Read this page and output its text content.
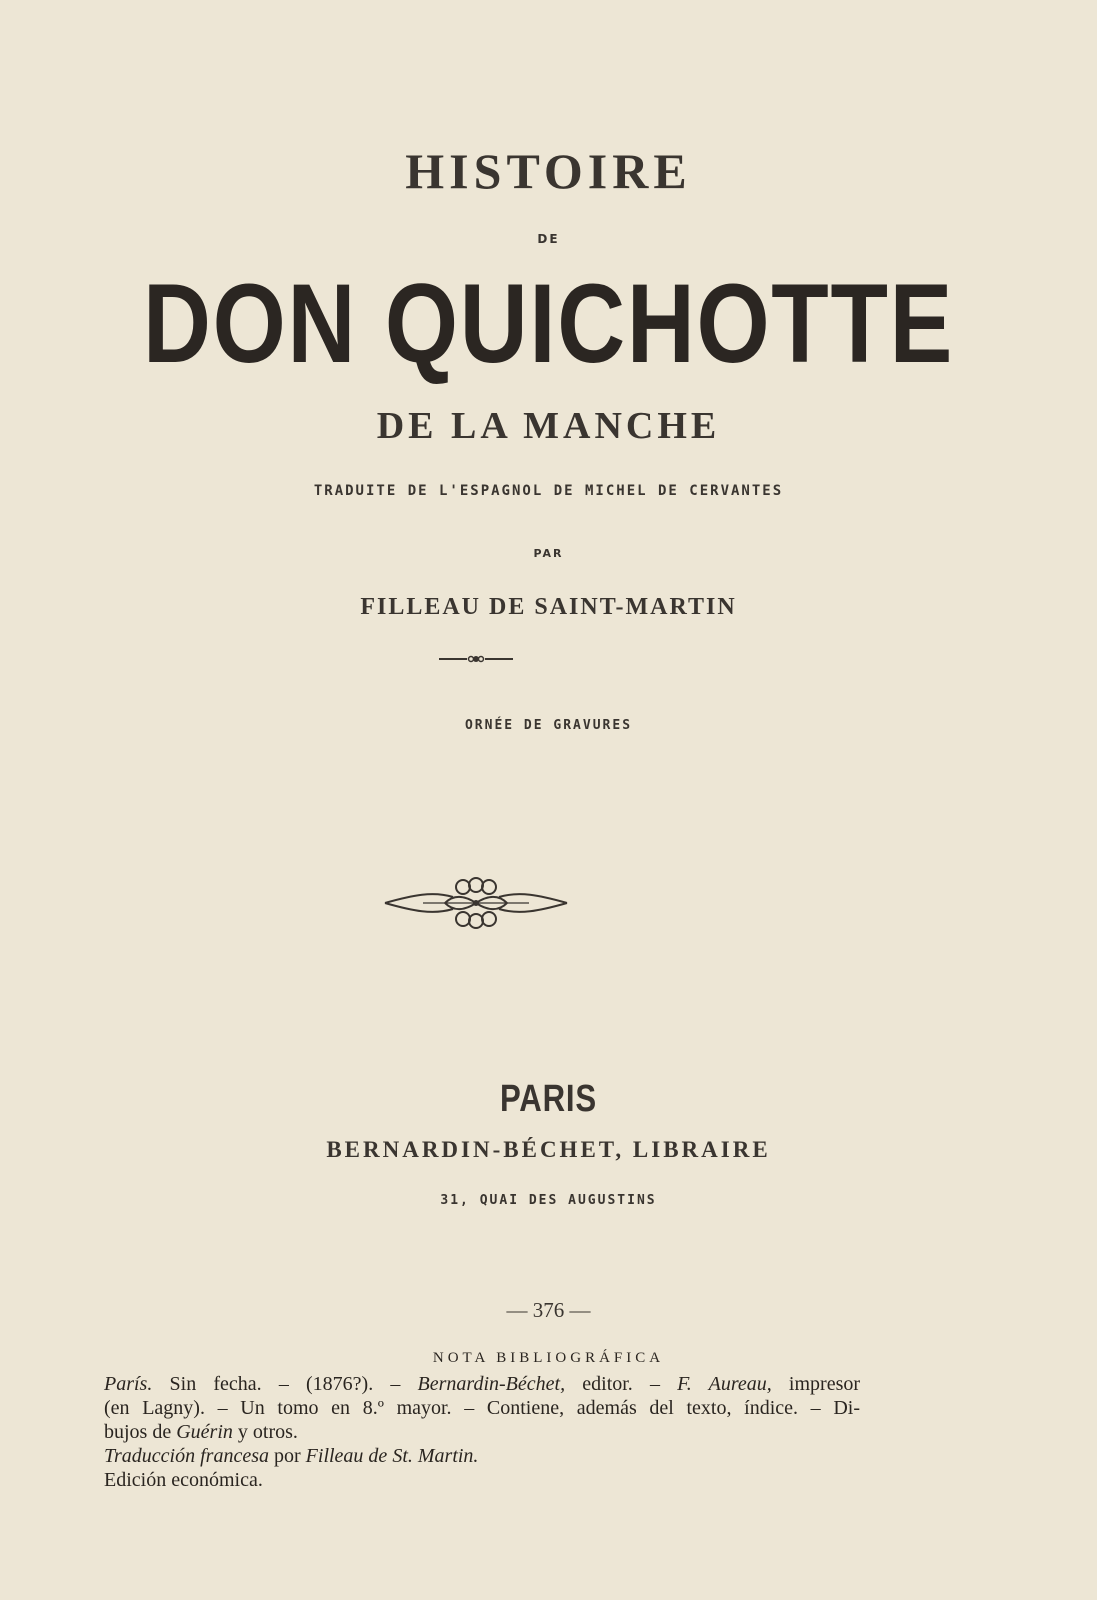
HISTOIRE
DE
DON QUICHOTTE
DE LA MANCHE
TRADUITE DE L'ESPAGNOL DE MICHEL DE CERVANTES
PAR
FILLEAU DE SAINT-MARTIN
ORNÉE DE GRAVURES
PARIS
BERNARDIN-BÉCHET, LIBRAIRE
31, QUAI DES AUGUSTINS
— 376 —
NOTA BIBLIOGRÁFICA
París. Sin fecha. – (1876?). – Bernardin-Béchet, editor. – F. Aureau, impresor
(en Lagny). – Un tomo en 8.º mayor. – Contiene, además del texto, índice. – Di-
bujos de Guérin y otros.
Traducción francesa por Filleau de St. Martin.
Edición económica.
